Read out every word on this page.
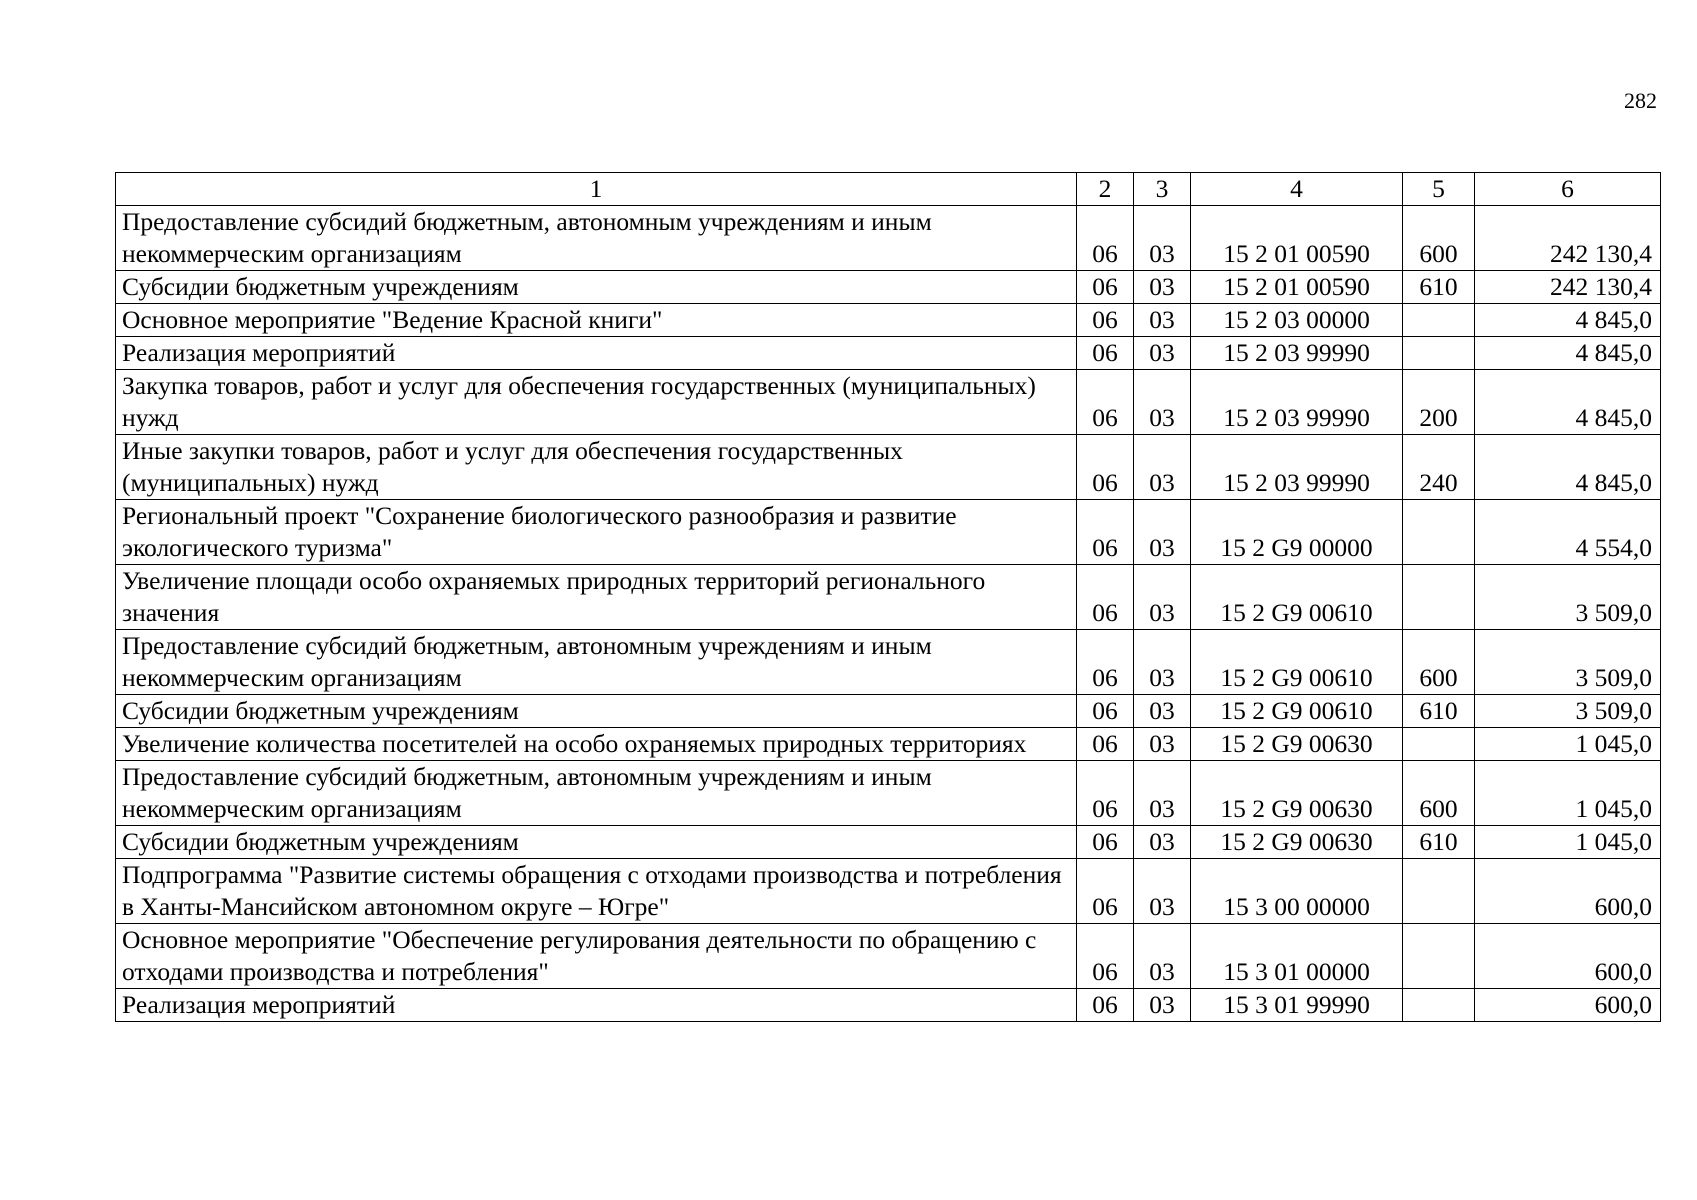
282
1	2	3	4	5	6
Предоставление субсидий бюджетным, автономным учреждениям и иным некоммерческим организациям	06	03	15 2 01 00590	600	242 130,4
Субсидии бюджетным учреждениям	06	03	15 2 01 00590	610	242 130,4
Основное мероприятие "Ведение Красной книги"	06	03	15 2 03 00000		4 845,0
Реализация мероприятий	06	03	15 2 03 99990		4 845,0
Закупка товаров, работ и услуг для обеспечения государственных (муниципальных) нужд	06	03	15 2 03 99990	200	4 845,0
Иные закупки товаров, работ и услуг для обеспечения государственных (муниципальных) нужд	06	03	15 2 03 99990	240	4 845,0
Региональный проект "Сохранение биологического разнообразия и развитие экологического туризма"	06	03	15 2 G9 00000		4 554,0
Увеличение площади особо охраняемых природных территорий регионального значения	06	03	15 2 G9 00610		3 509,0
Предоставление субсидий бюджетным, автономным учреждениям и иным некоммерческим организациям	06	03	15 2 G9 00610	600	3 509,0
Субсидии бюджетным учреждениям	06	03	15 2 G9 00610	610	3 509,0
Увеличение количества посетителей на особо охраняемых природных территориях	06	03	15 2 G9 00630		1 045,0
Предоставление субсидий бюджетным, автономным учреждениям и иным некоммерческим организациям	06	03	15 2 G9 00630	600	1 045,0
Субсидии бюджетным учреждениям	06	03	15 2 G9 00630	610	1 045,0
Подпрограмма "Развитие системы обращения с отходами производства и потребления в Ханты-Мансийском автономном округе – Югре"	06	03	15 3 00 00000		600,0
Основное мероприятие "Обеспечение регулирования деятельности по обращению с отходами производства и потребления"	06	03	15 3 01 00000		600,0
Реализация мероприятий	06	03	15 3 01 99990		600,0
